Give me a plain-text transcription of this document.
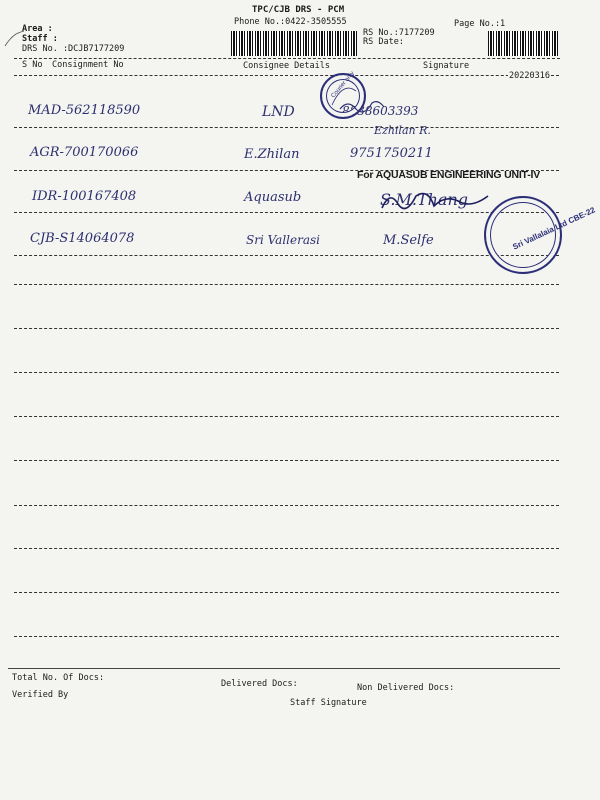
TPC/CJB DRS - PCM
Phone No.:0422-3505555	Page No.:1
Area :
Staff :
DRS No. :DCJB7177209
RS No.:7177209
RS Date:
S No Consignment No	Consignee Details	Signature
20220316
MAD-562118590	LND	8838603393
Ezhilan R.
AGR-700170066	E.Zhilan	9751750211
For AQUASUB ENGINEERING UNIT-IV
IDR-100167408	Aquasub	S.M.Thang
CJB-S14064078	Sri Vallerasi	M.Selfe
Courier only
Sri Vallalaia Ltd CBE-22
Total No. Of Docs:
Delivered Docs:	Non Delivered Docs:
Verified By
Staff Signature
